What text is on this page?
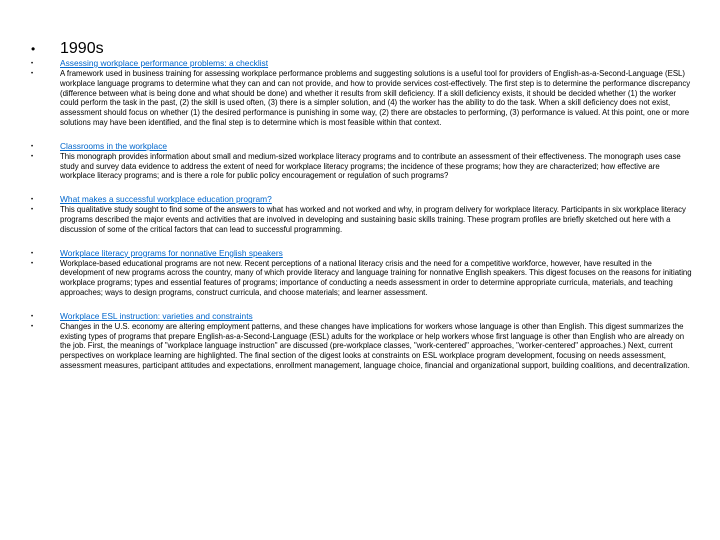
•	1990s
•	Assessing workplace performance problems: a checklist
•	A framework used in business training for assessing workplace performance problems and suggesting solutions is a useful tool for providers of English-as-a-Second-Language (ESL) workplace language programs to determine what they can and can not provide, and how to provide services cost-effectively. The first step is to determine the performance discrepancy (difference between what is being done and what should be done) and whether it results from skill deficiency. If a skill deficiency exists, it should be decided whether (1) the worker could perform the task in the past, (2) the skill is used often, (3) there is a simpler solution, and (4) the worker has the ability to do the task. When a skill deficiency does not exist, assessment should focus on whether (1) the desired performance is punishing in some way, (2) there are obstacles to performing, (3) performance is valued. At this point, one or more solutions may have been identified, and the final step is to determine which is most feasible within that context.
•	Classrooms in the workplace
•	This monograph provides information about small and medium-sized workplace literacy programs and to contribute an assessment of their effectiveness. The monograph uses case study and survey data evidence to address the extent of need for workplace literacy programs; the incidence of these programs; how they are characterized; how effective are workplace literacy programs; and is there a role for public policy encouragement or regulation of such programs?
•	What makes a successful workplace education program?
•	This qualitative study sought to find some of the answers to what has worked and not worked and why, in program delivery for workplace literacy. Participants in six workplace literacy programs described the major events and activities that are involved in developing and sustaining basic skills training. These program profiles are briefly sketched out here with a discussion of some of the critical factors that can lead to successful programming.
•	Workplace literacy programs for nonnative English speakers
•	Workplace-based educational programs are not new. Recent perceptions of a national literacy crisis and the need for a competitive workforce, however, have resulted in the development of new programs across the country, many of which provide literacy and language training for nonnative English speakers. This digest focuses on the reasons for initiating workplace programs; types and essential features of programs; importance of conducting a needs assessment in order to determine appropriate curricula, materials, and teaching approaches; ways to design programs, construct curricula, and choose materials; and learner assessment.
•	Workplace ESL instruction: varieties and constraints
•	Changes in the U.S. economy are altering employment patterns, and these changes have implications for workers whose language is other than English. This digest summarizes the existing types of programs that prepare English-as-a-Second-Language (ESL) adults for the workplace or help workers whose first language is other than English who are already on the job. First, the meanings of "workplace language instruction" are discussed (pre-workplace classes, "work-centered" approaches, "worker-centered" approaches.) Next, current perspectives on workplace learning are highlighted. The final section of the digest looks at constraints on ESL workplace program development, focusing on needs assessment, assessment measures, participant attitudes and expectations, enrollment management, language choice, financial and organizational support, building coalitions, and decentralization.
